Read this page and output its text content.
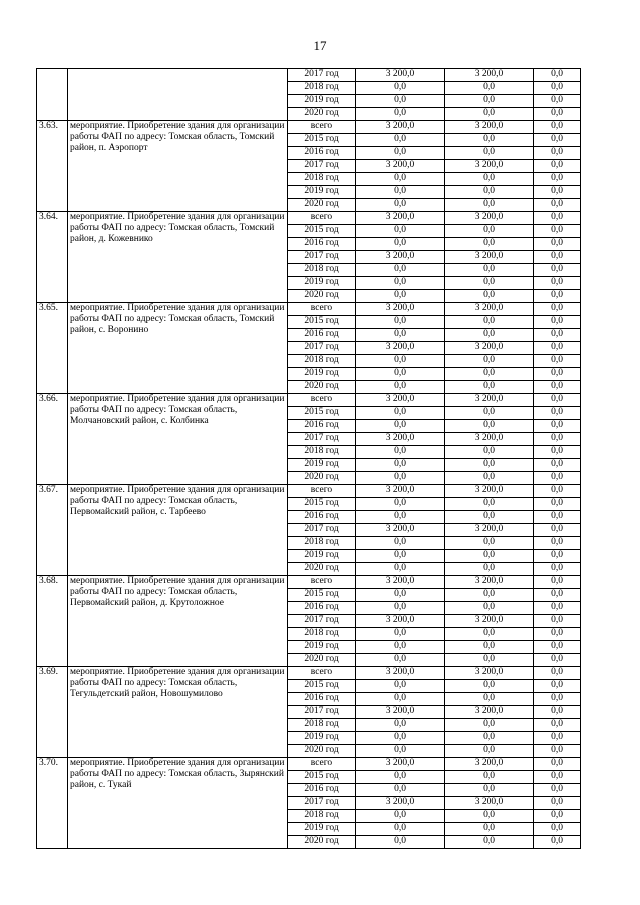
17
		2017 год	3 200,0	3 200,0	0,0
		2018 год	0,0	0,0	0,0
		2019 год	0,0	0,0	0,0
		2020 год	0,0	0,0	0,0
3.63.	мероприятие. Приобретение здания для организации работы ФАП по адресу: Томская область, Томский район, п. Аэропорт	всего	3 200,0	3 200,0	0,0
		2015 год	0,0	0,0	0,0
		2016 год	0,0	0,0	0,0
		2017 год	3 200,0	3 200,0	0,0
		2018 год	0,0	0,0	0,0
		2019 год	0,0	0,0	0,0
		2020 год	0,0	0,0	0,0
3.64.	мероприятие. Приобретение здания для организации работы ФАП по адресу: Томская область, Томский район, д. Кожевнико	всего	3 200,0	3 200,0	0,0
		2015 год	0,0	0,0	0,0
		2016 год	0,0	0,0	0,0
		2017 год	3 200,0	3 200,0	0,0
		2018 год	0,0	0,0	0,0
		2019 год	0,0	0,0	0,0
		2020 год	0,0	0,0	0,0
3.65.	мероприятие. Приобретение здания для организации работы ФАП по адресу: Томская область, Томский район, с. Воронино	всего	3 200,0	3 200,0	0,0
		2015 год	0,0	0,0	0,0
		2016 год	0,0	0,0	0,0
		2017 год	3 200,0	3 200,0	0,0
		2018 год	0,0	0,0	0,0
		2019 год	0,0	0,0	0,0
		2020 год	0,0	0,0	0,0
3.66.	мероприятие. Приобретение здания для организации работы ФАП по адресу: Томская область, Молчановский район, с. Колбинка	всего	3 200,0	3 200,0	0,0
		2015 год	0,0	0,0	0,0
		2016 год	0,0	0,0	0,0
		2017 год	3 200,0	3 200,0	0,0
		2018 год	0,0	0,0	0,0
		2019 год	0,0	0,0	0,0
		2020 год	0,0	0,0	0,0
3.67.	мероприятие. Приобретение здания для организации работы ФАП по адресу: Томская область, Первомайский район, с. Тарбеево	всего	3 200,0	3 200,0	0,0
		2015 год	0,0	0,0	0,0
		2016 год	0,0	0,0	0,0
		2017 год	3 200,0	3 200,0	0,0
		2018 год	0,0	0,0	0,0
		2019 год	0,0	0,0	0,0
		2020 год	0,0	0,0	0,0
3.68.	мероприятие. Приобретение здания для организации работы ФАП по адресу: Томская область, Первомайский район, д. Крутоложное	всего	3 200,0	3 200,0	0,0
		2015 год	0,0	0,0	0,0
		2016 год	0,0	0,0	0,0
		2017 год	3 200,0	3 200,0	0,0
		2018 год	0,0	0,0	0,0
		2019 год	0,0	0,0	0,0
		2020 год	0,0	0,0	0,0
3.69.	мероприятие. Приобретение здания для организации работы ФАП по адресу: Томская область, Тегульдетский район, Новошумилово	всего	3 200,0	3 200,0	0,0
		2015 год	0,0	0,0	0,0
		2016 год	0,0	0,0	0,0
		2017 год	3 200,0	3 200,0	0,0
		2018 год	0,0	0,0	0,0
		2019 год	0,0	0,0	0,0
		2020 год	0,0	0,0	0,0
3.70.	мероприятие. Приобретение здания для организации работы ФАП по адресу: Томская область, Зырянский район, с. Тукай	всего	3 200,0	3 200,0	0,0
		2015 год	0,0	0,0	0,0
		2016 год	0,0	0,0	0,0
		2017 год	3 200,0	3 200,0	0,0
		2018 год	0,0	0,0	0,0
		2019 год	0,0	0,0	0,0
		2020 год	0,0	0,0	0,0
